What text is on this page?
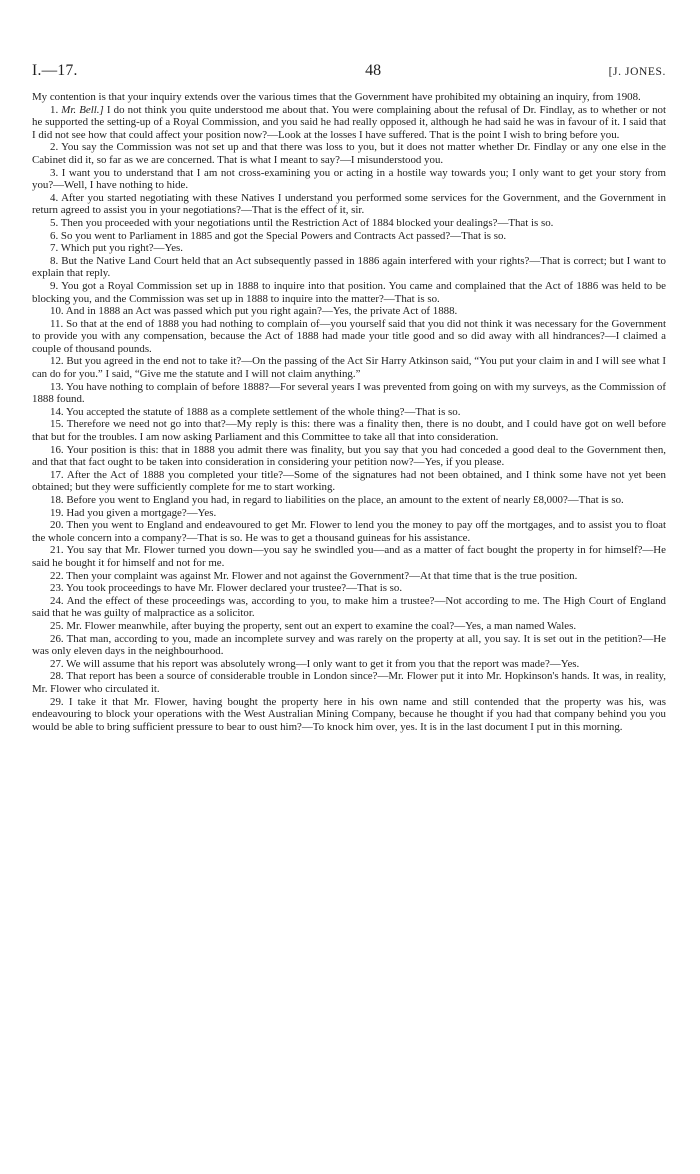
I.—17.	48	[J. JONES.

My contention is that your inquiry extends over the various times that the Government have prohibited my obtaining an inquiry, from 1908.

1. Mr. Bell.] I do not think you quite understood me about that. You were complaining about the refusal of Dr. Findlay, as to whether or not he supported the setting-up of a Royal Commission, and you said he had really opposed it, although he had said he was in favour of it. I said that I did not see how that could affect your position now?—Look at the losses I have suffered. That is the point I wish to bring before you.

2. You say the Commission was not set up and that there was loss to you, but it does not matter whether Dr. Findlay or any one else in the Cabinet did it, so far as we are concerned. That is what I meant to say?—I misunderstood you.

3. I want you to understand that I am not cross-examining you or acting in a hostile way towards you; I only want to get your story from you?—Well, I have nothing to hide.

4. After you started negotiating with these Natives I understand you performed some services for the Government, and the Government in return agreed to assist you in your negotiations?—That is the effect of it, sir.

5. Then you proceeded with your negotiations until the Restriction Act of 1884 blocked your dealings?—That is so.

6. So you went to Parliament in 1885 and got the Special Powers and Contracts Act passed?—That is so.

7. Which put you right?—Yes.

8. But the Native Land Court held that an Act subsequently passed in 1886 again interfered with your rights?—That is correct; but I want to explain that reply.

9. You got a Royal Commission set up in 1888 to inquire into that position. You came and complained that the Act of 1886 was held to be blocking you, and the Commission was set up in 1888 to inquire into the matter?—That is so.

10. And in 1888 an Act was passed which put you right again?—Yes, the private Act of 1888.

11. So that at the end of 1888 you had nothing to complain of—you yourself said that you did not think it was necessary for the Government to provide you with any compensation, because the Act of 1888 had made your title good and so did away with all hindrances?—I claimed a couple of thousand pounds.

12. But you agreed in the end not to take it?—On the passing of the Act Sir Harry Atkinson said, “You put your claim in and I will see what I can do for you.” I said, “Give me the statute and I will not claim anything.”

13. You have nothing to complain of before 1888?—For several years I was prevented from going on with my surveys, as the Commission of 1888 found.

14. You accepted the statute of 1888 as a complete settlement of the whole thing?—That is so.

15. Therefore we need not go into that?—My reply is this: there was a finality then, there is no doubt, and I could have got on well before that but for the troubles. I am now asking Parliament and this Committee to take all that into consideration.

16. Your position is this: that in 1888 you admit there was finality, but you say that you had conceded a good deal to the Government then, and that that fact ought to be taken into consideration in considering your petition now?—Yes, if you please.

17. After the Act of 1888 you completed your title?—Some of the signatures had not been obtained, and I think some have not yet been obtained; but they were sufficiently complete for me to start working.

18. Before you went to England you had, in regard to liabilities on the place, an amount to the extent of nearly £8,000?—That is so.

19. Had you given a mortgage?—Yes.

20. Then you went to England and endeavoured to get Mr. Flower to lend you the money to pay off the mortgages, and to assist you to float the whole concern into a company?—That is so. He was to get a thousand guineas for his assistance.

21. You say that Mr. Flower turned you down—you say he swindled you—and as a matter of fact bought the property in for himself?—He said he bought it for himself and not for me.

22. Then your complaint was against Mr. Flower and not against the Government?—At that time that is the true position.

23. You took proceedings to have Mr. Flower declared your trustee?—That is so.

24. And the effect of these proceedings was, according to you, to make him a trustee?—Not according to me. The High Court of England said that he was guilty of malpractice as a solicitor.

25. Mr. Flower meanwhile, after buying the property, sent out an expert to examine the coal?—Yes, a man named Wales.

26. That man, according to you, made an incomplete survey and was rarely on the property at all, you say. It is set out in the petition?—He was only eleven days in the neighbourhood.

27. We will assume that his report was absolutely wrong—I only want to get it from you that the report was made?—Yes.

28. That report has been a source of considerable trouble in London since?—Mr. Flower put it into Mr. Hopkinson's hands. It was, in reality, Mr. Flower who circulated it.

29. I take it that Mr. Flower, having bought the property here in his own name and still contended that the property was his, was endeavouring to block your operations with the West Australian Mining Company, because he thought if you had that company behind you you would be able to bring sufficient pressure to bear to oust him?—To knock him over, yes. It is in the last document I put in this morning.
